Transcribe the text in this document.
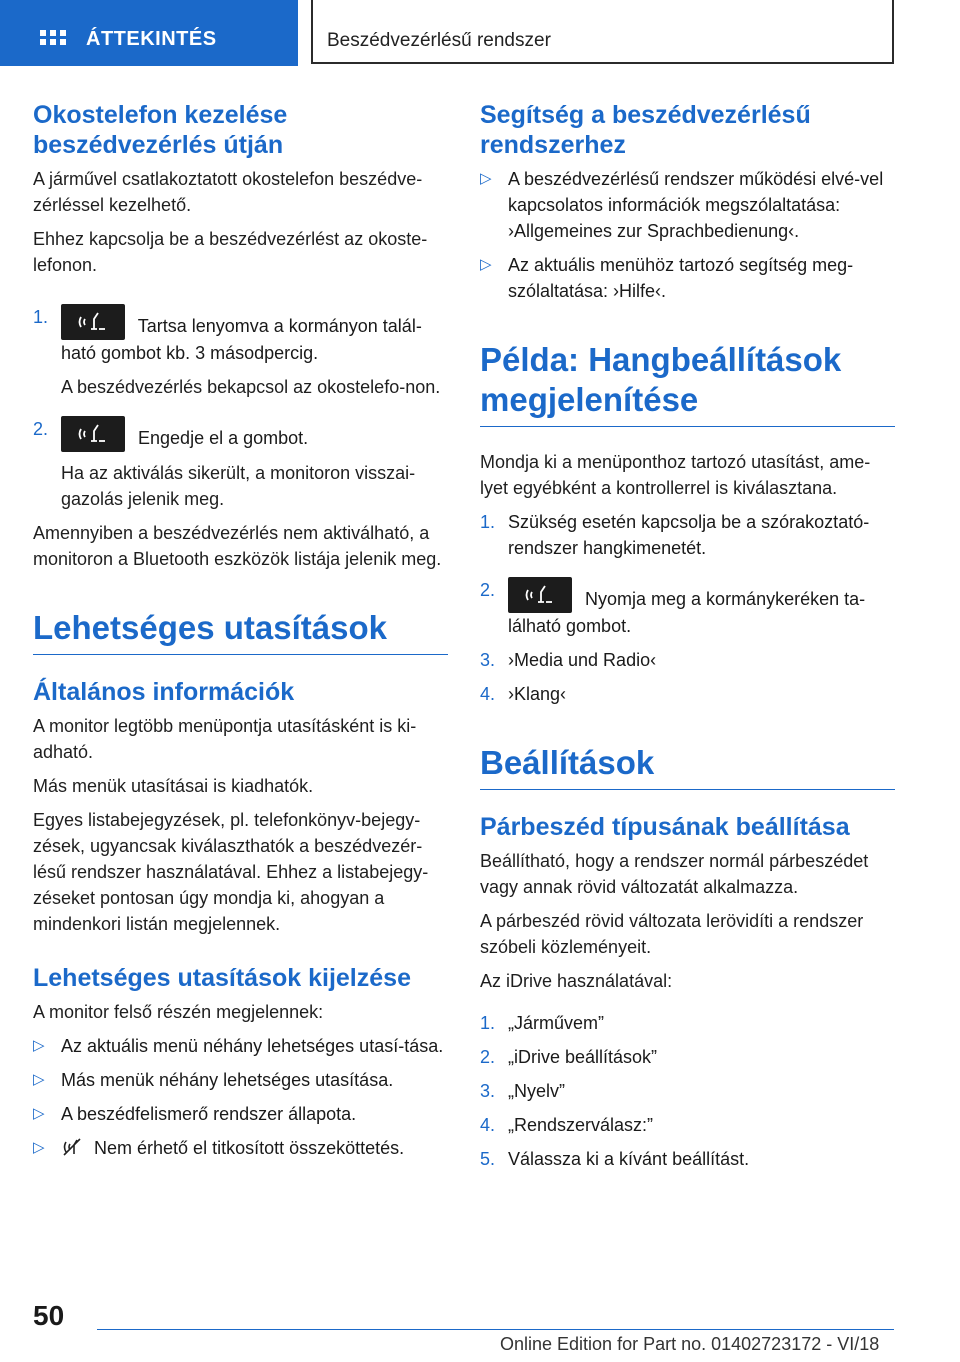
ÁTTEKINTÉS	Beszédvezérlésű rendszer
Okostelefon kezelése beszédvezérlés útján

A járművel csatlakoztatott okostelefon beszédve-zérléssel kezelhető.

Ehhez kapcsolja be a beszédvezérlést az okoste-lefonon.

1.	Tartsa lenyomva a kormányon talál-ható gombot kb. 3 másodpercig.

A beszédvezérlés bekapcsol az okostelefo-non.

2.	Engedje el a gombot.

Ha az aktiválás sikerült, a monitoron visszai-gazolás jelenik meg.

Amennyiben a beszédvezérlés nem aktiválható, a monitoron a Bluetooth eszközök listája jelenik meg.

Lehetséges utasítások
Általános információk

A monitor legtöbb menüpontja utasításként is ki-adható.

Más menük utasításai is kiadhatók.

Egyes listabejegyzések, pl. telefonkönyv-bejegy-zések, ugyancsak kiválaszthatók a beszédvezér-lésű rendszer használatával. Ehhez a listabejegy-zéseket pontosan úgy mondja ki, ahogyan a mindenkori listán megjelennek.

Lehetséges utasítások kijelzése

A monitor felső részén megjelennek:

▷ Az aktuális menü néhány lehetséges utasí-tása.
▷ Más menük néhány lehetséges utasítása.
▷ A beszédfelismerő rendszer állapota.
▷	Nem érhető el titkosított összeköttetés.
Segítség a beszédvezérlésű rendszerhez
▷ A beszédvezérlésű rendszer működési elvé-vel kapcsolatos információk megszólaltatása: ›Allgemeines zur Sprachbedienung‹.
▷ Az aktuális menühöz tartozó segítség meg-szólaltatása: ›Hilfe‹.
Példa: Hangbeállítások megjelenítése

Mondja ki a menüponthoz tartozó utasítást, ame-lyet egyébként a kontrollerrel is kiválasztana.

1. Szükség esetén kapcsolja be a szórakoztató-rendszer hangkimenetét.
2.	Nyomja meg a kormánykeréken ta-lálható gombot.
3. ›Media und Radio‹
4. ›Klang‹
Beállítások
Párbeszéd típusának beállítása

Beállítható, hogy a rendszer normál párbeszédet vagy annak rövid változatát alkalmazza.

A párbeszéd rövid változata lerövidíti a rendszer szóbeli közleményeit.

Az iDrive használatával:

1. „Járművem”
2. „iDrive beállítások”
3. „Nyelv”
4. „Rendszerválasz:”
5. Válassza ki a kívánt beállítást.
50
Online Edition for Part no. 01402723172 - VI/18
